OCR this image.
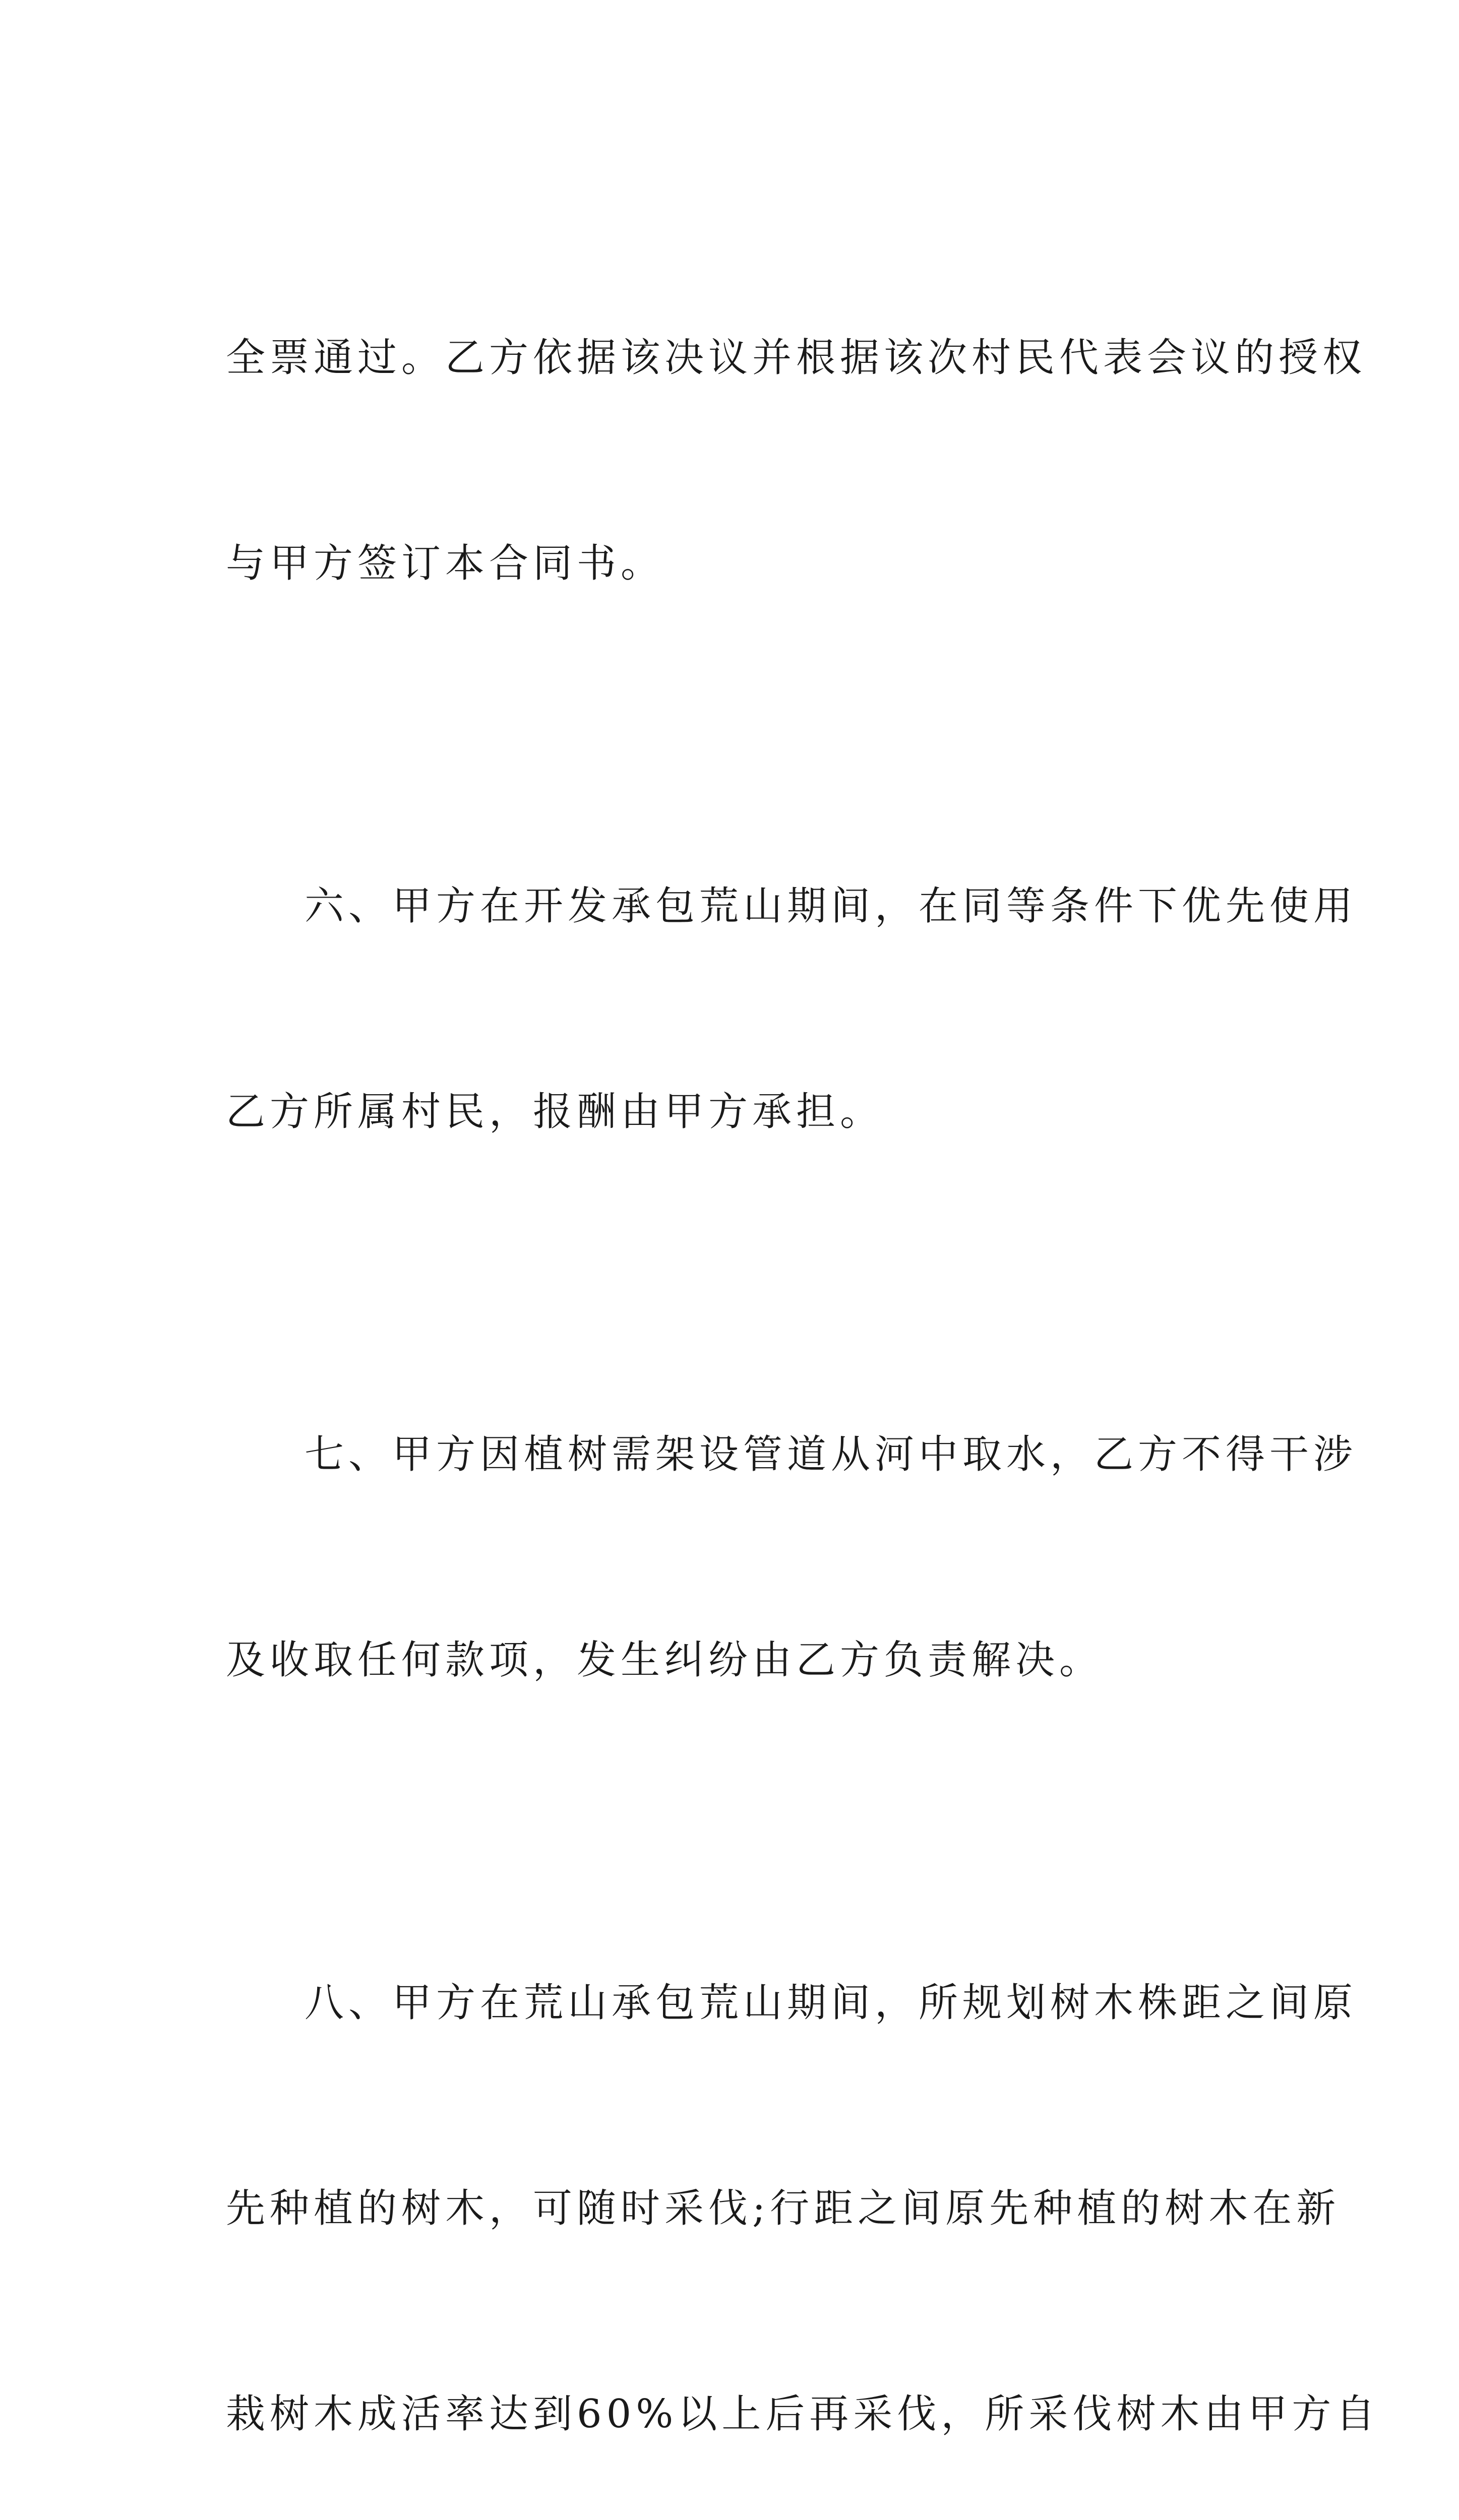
全票通过。乙方依据该决议并根据该次村民代表会议的授权

与甲方签订本合同书。

六、甲方在开发承包荒山期间，在同等条件下优先使用

乙方所属村民，报酬由甲方承担。

七、甲方因植树需架设管道从河中取水，乙方不得干涉

及收取任何款项，发生纠纷由乙方负责解决。

八、甲方在荒山承包荒山期间，所规划树木株距之间原

先种植的树木，可随时采伐;行距之间原先种植的树木在新

栽树木成活率达到60%以上后再采伐，所采伐树木由甲方自
